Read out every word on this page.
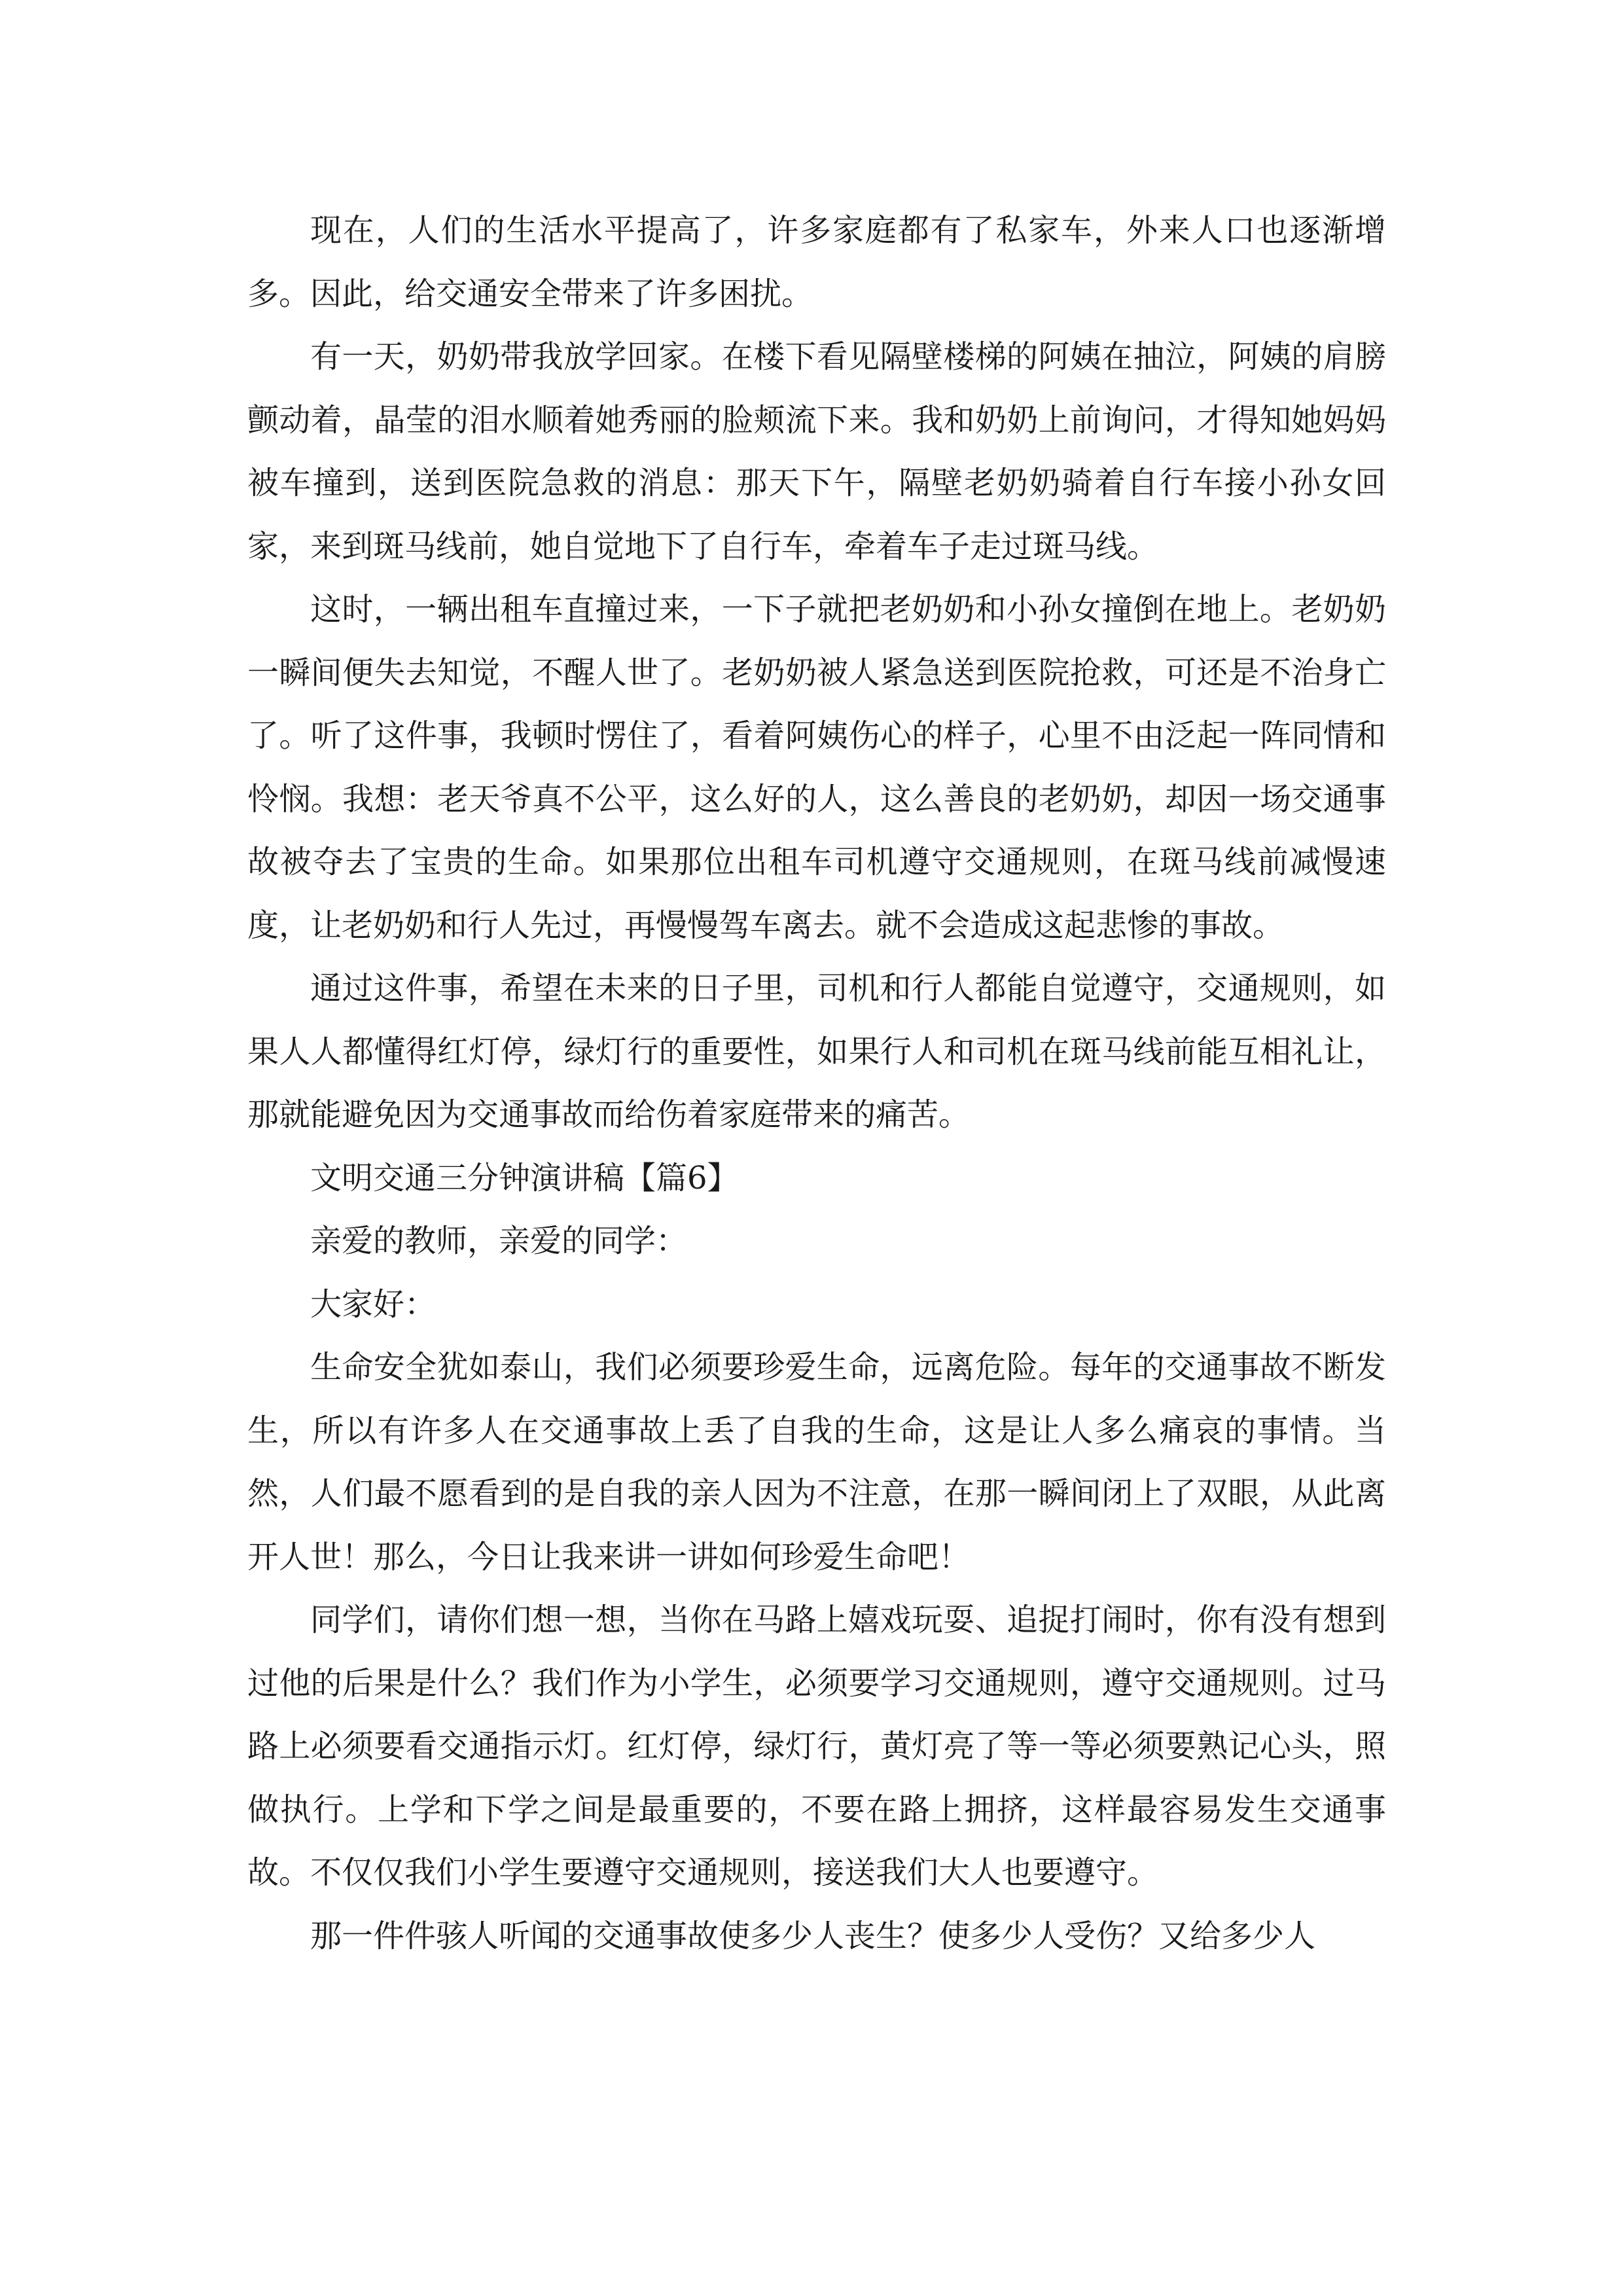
现在，人们的生活水平提高了，许多家庭都有了私家车，外来人口也逐渐增多。因此，给交通安全带来了许多困扰。

有一天，奶奶带我放学回家。在楼下看见隔壁楼梯的阿姨在抽泣，阿姨的肩膀颤动着，晶莹的泪水顺着她秀丽的脸颊流下来。我和奶奶上前询问，才得知她妈妈被车撞到，送到医院急救的消息：那天下午，隔壁老奶奶骑着自行车接小孙女回家，来到斑马线前，她自觉地下了自行车，牵着车子走过斑马线。

这时，一辆出租车直撞过来，一下子就把老奶奶和小孙女撞倒在地上。老奶奶一瞬间便失去知觉，不醒人世了。老奶奶被人紧急送到医院抢救，可还是不治身亡了。听了这件事，我顿时愣住了，看着阿姨伤心的样子，心里不由泛起一阵同情和怜悯。我想：老天爷真不公平，这么好的人，这么善良的老奶奶，却因一场交通事故被夺去了宝贵的生命。如果那位出租车司机遵守交通规则，在斑马线前减慢速度，让老奶奶和行人先过，再慢慢驾车离去。就不会造成这起悲惨的事故。

通过这件事，希望在未来的日子里，司机和行人都能自觉遵守，交通规则，如果人人都懂得红灯停，绿灯行的重要性，如果行人和司机在斑马线前能互相礼让，那就能避免因为交通事故而给伤着家庭带来的痛苦。

文明交通三分钟演讲稿【篇6】

亲爱的教师，亲爱的同学：

大家好：

生命安全犹如泰山，我们必须要珍爱生命，远离危险。每年的交通事故不断发生，所以有许多人在交通事故上丢了自我的生命，这是让人多么痛哀的事情。当然，人们最不愿看到的是自我的亲人因为不注意，在那一瞬间闭上了双眼，从此离开人世！那么，今日让我来讲一讲如何珍爱生命吧！

同学们，请你们想一想，当你在马路上嬉戏玩耍、追捉打闹时，你有没有想到过他的后果是什么？我们作为小学生，必须要学习交通规则，遵守交通规则。过马路上必须要看交通指示灯。红灯停，绿灯行，黄灯亮了等一等必须要熟记心头，照做执行。上学和下学之间是最重要的，不要在路上拥挤，这样最容易发生交通事故。不仅仅我们小学生要遵守交通规则，接送我们大人也要遵守。

那一件件骇人听闻的交通事故使多少人丧生？使多少人受伤？又给多少人
